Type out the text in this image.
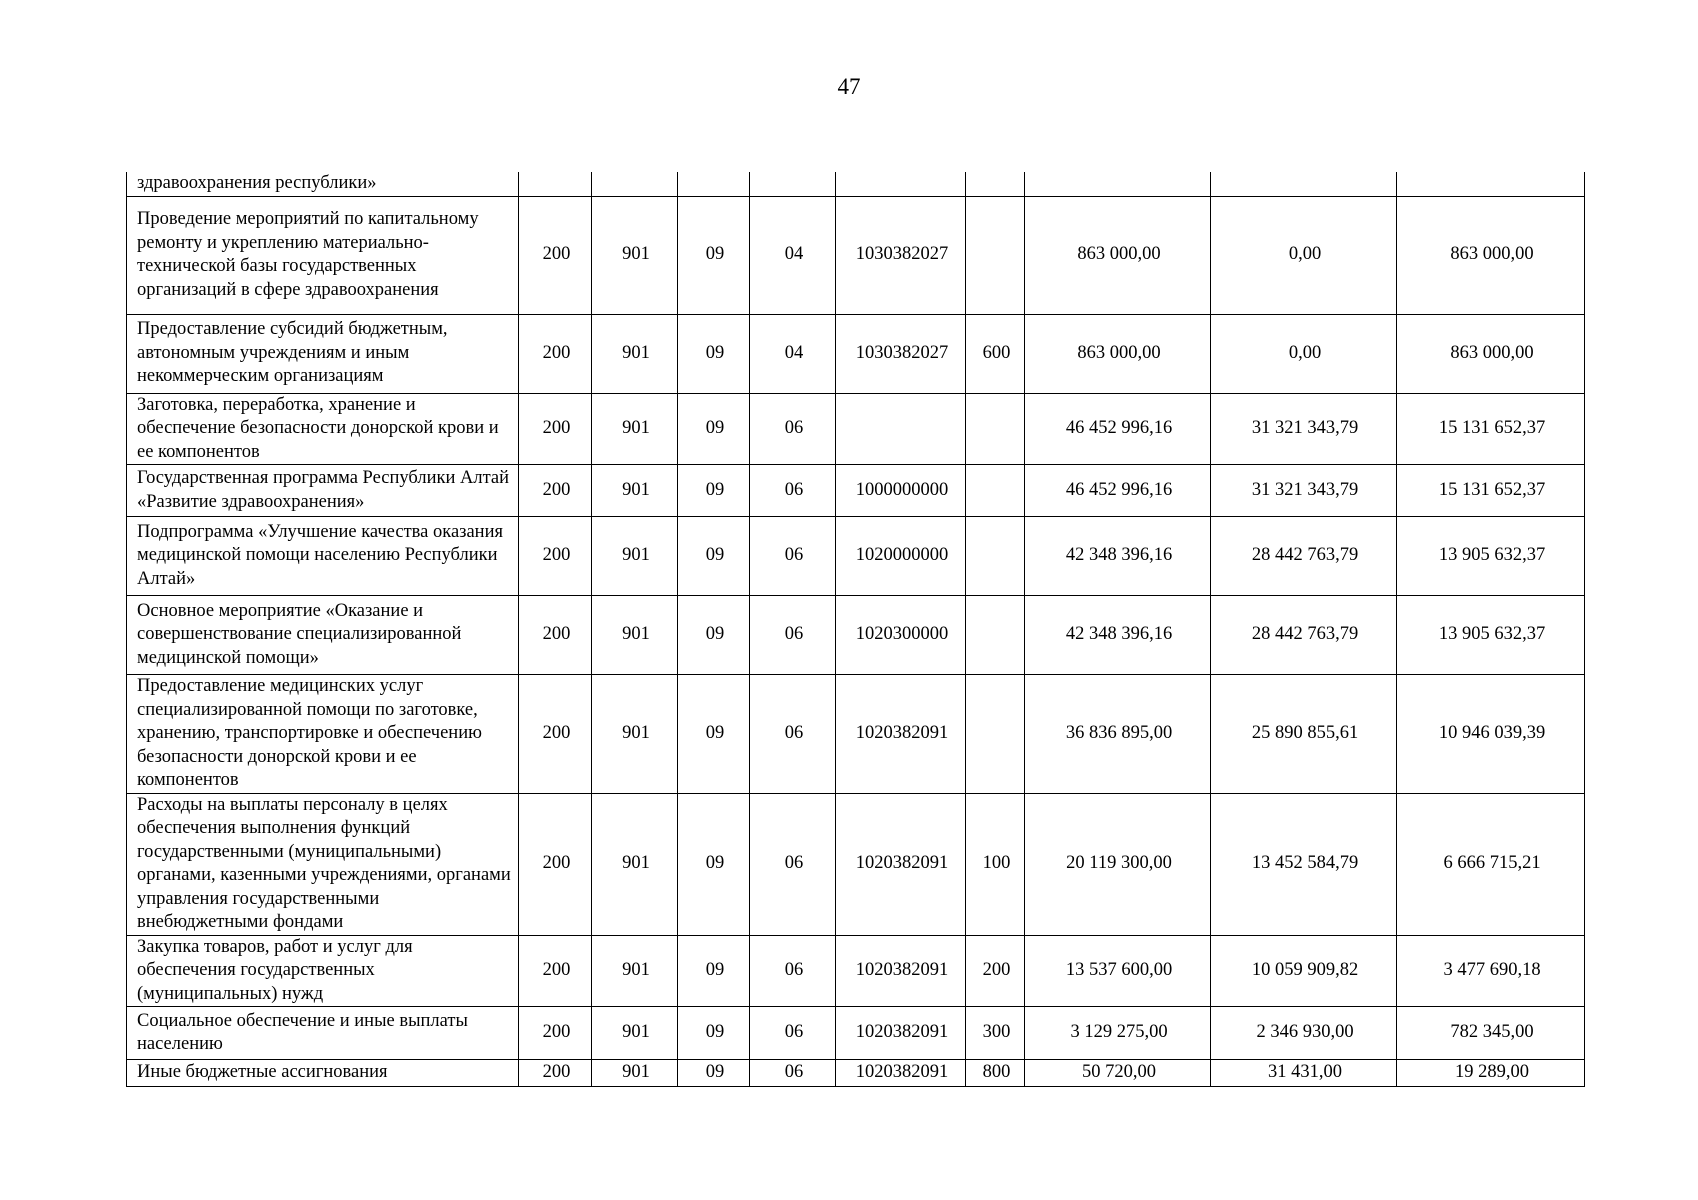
47
здравоохранения республики»									
Проведение мероприятий по капитальному ремонту и укреплению материально-технической базы государственных организаций в сфере здравоохранения	200	901	09	04	1030382027		863 000,00	0,00	863 000,00
Предоставление субсидий бюджетным, автономным учреждениям и иным некоммерческим организациям	200	901	09	04	1030382027	600	863 000,00	0,00	863 000,00
Заготовка, переработка, хранение и обеспечение безопасности донорской крови и ее компонентов	200	901	09	06			46 452 996,16	31 321 343,79	15 131 652,37
Государственная программа Республики Алтай «Развитие здравоохранения»	200	901	09	06	1000000000		46 452 996,16	31 321 343,79	15 131 652,37
Подпрограмма «Улучшение качества оказания медицинской помощи населению Республики Алтай»	200	901	09	06	1020000000		42 348 396,16	28 442 763,79	13 905 632,37
Основное мероприятие «Оказание и совершенствование специализированной медицинской помощи»	200	901	09	06	1020300000		42 348 396,16	28 442 763,79	13 905 632,37
Предоставление медицинских услуг специализированной помощи по заготовке, хранению, транспортировке и обеспечению безопасности донорской крови и ее компонентов	200	901	09	06	1020382091		36 836 895,00	25 890 855,61	10 946 039,39
Расходы на выплаты персоналу в целях обеспечения выполнения функций государственными (муниципальными) органами, казенными учреждениями, органами управления государственными внебюджетными фондами	200	901	09	06	1020382091	100	20 119 300,00	13 452 584,79	6 666 715,21
Закупка товаров, работ и услуг для обеспечения государственных (муниципальных) нужд	200	901	09	06	1020382091	200	13 537 600,00	10 059 909,82	3 477 690,18
Социальное обеспечение и иные выплаты населению	200	901	09	06	1020382091	300	3 129 275,00	2 346 930,00	782 345,00
Иные бюджетные ассигнования	200	901	09	06	1020382091	800	50 720,00	31 431,00	19 289,00
